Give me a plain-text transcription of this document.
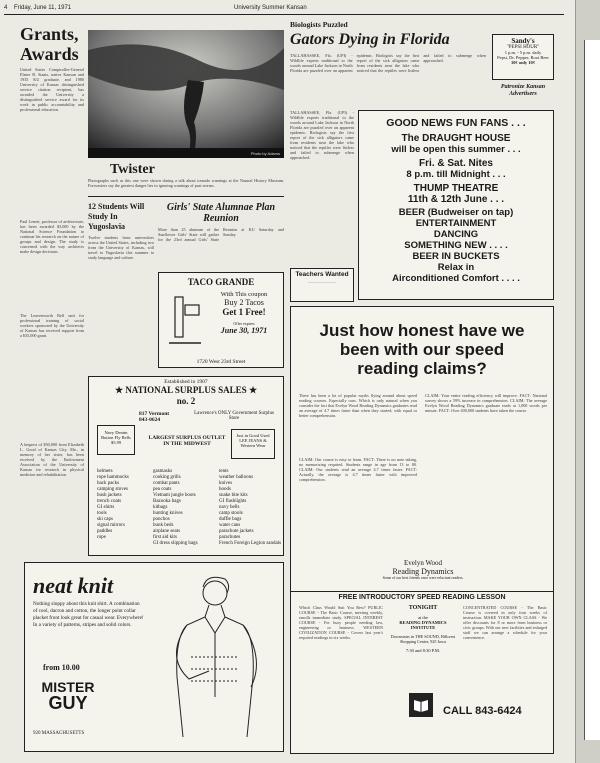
4 Friday, June 11, 1971	University Summer Kansan
Grants, Awards

United States Comptroller-General Elmer B. Staats, native Kansan and 1935 KU graduate, and 1980 University of Kansas distinguished service citation recipient, has awarded the University a distinguished service award for its work in public accountability and professional education.

Paul Lenert, professor of architecture, has been awarded $3,000 by the National Science Foundation to continue his research on the nature of groups and design. The study is concerned with the way architects make design decisions.

The Leavenworth Bell unit for professional training of social workers sponsored by the University of Kansas has received support from a $35,000 grant.

A bequest of $50,000 from Elizabeth L. Good of Kansas City, Mo., in memory of her sister, has been received by the Endowment Association of the University of Kansas for research in physical medicine and rehabilitation.

Photo by Adams
Twister

Photographs such as this one were shown during a talk about tornado warnings at the Natural History Museum. Forecasters say the greatest danger lies in ignoring warnings of past storms.

12 Students Will Study In Yugoslavia

Twelve students from universities across the United States, including two from the University of Kansas, will travel to Yugoslavia this summer to study language and culture.

Girls' State Alumnae Plan Reunion

More than 25 alumnae of the Sunflower Girls' State will gather for the 23rd annual Girls' State Reunion at KU Saturday and Sunday.

TACO GRANDE
With This coupon
Buy 2 Tacos
Get 1 Free!
Offer expires
June 30, 1971
1720 West 23rd Street
Established in 1907
★ NATIONAL SURPLUS SALES ★
no. 2
817 Vermont
843-0624
Lawrence's ONLY Government Surplus Store
Navy Denim Button Fly Bells $5.99
LARGEST SURPLUS OUTLET IN THE MIDWEST
Just in Good Used LEE JEANS & Western Wear
helmets
rope hammocks
back packs
camping stoves
bush jackets
trench coats
GI shirts
tools
ski caps
signal mirrors
paddles
rope
gasmasks
cooking grills
combat pants
pea coats
Vietnam jungle boots
Bazooka bags
kitbags
hunting knives
ponchos
bunk beds
airplane seats
first aid kits
GI dress slipping bags
tents
weather balloons
knives
hoods
snake bite kits
GI flashlights
navy bells
camp stools
duffle bags
water cans
parachute jackets
parachutes
French Foreign Legion sandals
neat knit

Nothing sloppy about this knit shirt. A combination of cool, dacron and cotton, the longer point collar placket front look great for casual wear. Everywhere! In a variety of patterns, stripes and solid colors.

from 10.00
MISTER
GUY
920 MASSACHUSETTS
Biologists Puzzled
Gators Dying in Florida

TALLAHASSEE, Fla. (UPI) - Wildlife experts traditional to the woods around Lake Jackson in North Florida are puzzled over an apparent epidemic. Biologists say the first report of the sick alligators came from residents near the lake who noticed that the reptiles were listless and failed to submerge when approached.

TALLAHASSEE, Fla. (UPI) - Wildlife experts traditional to the woods around Lake Jackson in North Florida are puzzled over an apparent epidemic. Biologists say the first report of the sick alligators came from residents near the lake who noticed that the reptiles were listless and failed to submerge when approached.

Teachers Wanted
————————
Sandy's
"PEPSI HOUR"
1 p.m. - 5 p.m. daily
Pepsi, Dr. Pepper, Root Beer
10¢ only 10¢
Patronize Kansan Advertisers
GOOD NEWS FUN FANS . . .
The DRAUGHT HOUSE
will be open this summer . . .
Fri. & Sat. Nites
8 p.m. till Midnight . . .
THUMP THEATRE
11th & 12th June . . .
BEER (Budweiser on tap)
ENTERTAINMENT
DANCING
SOMETHING NEW . . . .
BEER IN BUCKETS
Relax in
Airconditioned Comfort . . . .
Just how honest have we been with our speed reading claims?

There has been a lot of popular myths flying around about speed reading courses. Especially ours. Which is only natural when you consider the fact that Evelyn Wood Reading Dynamics graduates read an average of 4.7 times faster than when they started, with equal or better comprehension.

CLAIM: Our course is easy to learn. FACT: There is no note taking, no memorizing required. Students range in age from 13 to 80. CLAIM: Our students read an average 4.7 times faster. FACT: Actually, the average is 4.7 times faster with improved comprehension.

CLAIM: Your entire reading efficiency will improve. FACT: National survey shows a 59% increase in comprehension. CLAIM: The average Evelyn Wood Reading Dynamics graduate reads at 1,000 words per minute. FACT: Over 400,000 students have taken the course.

Evelyn Wood
Reading Dynamics
Some of our best friends once were reluctant readers.
FREE INTRODUCTORY SPEED READING LESSON

Which Class Would Suit You Best? PUBLIC COURSE - The Basic Course, meeting weekly, enrolls immediate study. SPECIAL INTEREST COURSE - For busy people needing law, engineering or business. WESTERN CIVILIZATION COURSE - Covers last year's required readings in six weeks.

TONIGHT
at the
READING DYNAMICS INSTITUTE
Downstairs in THE SOUND, Hillcrest Shopping Center, 925 Iowa
7:30 and 8:30 P.M.

CONCENTRATED COURSE - The Basic Course is covered in only four weeks of instruction. MAKE YOUR OWN CLASS - We offer discounts for 8 or more from business or civic groups. With our new facilities and enlarged staff we can arrange a schedule for your convenience.

CALL 843-6424
